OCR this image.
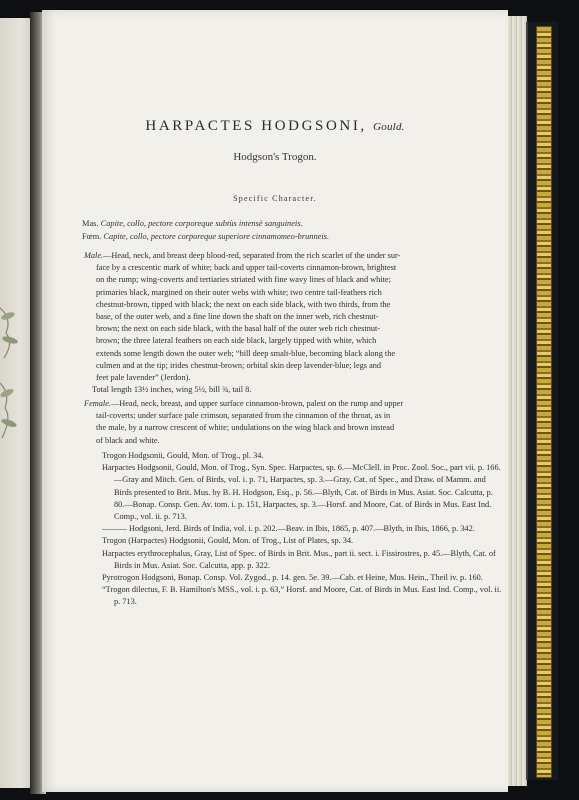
HARPACTES HODGSONI, Gould.
Hodgson's Trogon.
Specific Character.
Mas. Capite, collo, pectore corporeque subtùs intensè sanguineis.
Fœm. Capite, collo, pectore corporeque superiore cinnamomeo-brunneis.
Male.—Head, neck, and breast deep blood-red, separated from the rich scarlet of the under sur-
face by a crescentic mark of white; back and upper tail-coverts cinnamon-brown, brightest
on the rump; wing-coverts and tertiaries striated with fine wavy lines of black and white;
primaries black, margined on their outer webs with white; two centre tail-feathers rich
chestnut-brown, tipped with black; the next on each side black, with two thirds, from the
base, of the outer web, and a fine line down the shaft on the inner web, rich chestnut-
brown; the next on each side black, with the basal half of the outer web rich chestnut-
brown; the three lateral feathers on each side black, largely tipped with white, which
extends some length down the outer web; “bill deep smalt-blue, becoming black along the
culmen and at the tip; irides chestnut-brown; orbital skin deep lavender-blue; legs and
feet pale lavender” (Jerdon).
Total length 13½ inches, wing 5½, bill ¾, tail 8.
Female.—Head, neck, breast, and upper surface cinnamon-brown, palest on the rump and upper
tail-coverts; under surface pale crimson, separated from the cinnamon of the throat, as in
the male, by a narrow crescent of white; undulations on the wing black and brown instead
of black and white.

Trogon Hodgsonii, Gould, Mon. of Trog., pl. 34.

Harpactes Hodgsonii, Gould, Mon. of Trog., Syn. Spec. Harpactes, sp. 6.—McClell. in Proc. Zool. Soc., part vii. p. 166.—Gray and Mitch. Gen. of Birds, vol. i. p. 71, Harpactes, sp. 3.—Gray, Cat. of Spec., and Draw. of Mamm. and Birds presented to Brit. Mus. by B. H. Hodgson, Esq., p. 56.—Blyth, Cat. of Birds in Mus. Asiat. Soc. Calcutta, p. 80.—Bonap. Consp. Gen. Av. tom. i. p. 151, Harpactes, sp. 3.—Horsf. and Moore, Cat. of Birds in Mus. East Ind. Comp., vol. ii. p. 713.

——— Hodgsoni, Jerd. Birds of India, vol. i. p. 202.—Beav. in Ibis, 1865, p. 407.—Blyth, in Ibis, 1866, p. 342.

Trogon (Harpactes) Hodgsonii, Gould, Mon. of Trog., List of Plates, sp. 34.

Harpactes erythrocephalus, Gray, List of Spec. of Birds in Brit. Mus., part ii. sect. i. Fissirostres, p. 45.—Blyth, Cat. of Birds in Mus. Asiat. Soc. Calcutta, app. p. 322.

Pyrotrogon Hodgsoni, Bonap. Consp. Vol. Zygod., p. 14. gen. 5e. 39.—Cab. et Heine, Mus. Hein., Theil iv. p. 160.

“Trogon dilectus, F. B. Hamilton's MSS., vol. i. p. 63,” Horsf. and Moore, Cat. of Birds in Mus. East Ind. Comp., vol. ii. p. 713.
